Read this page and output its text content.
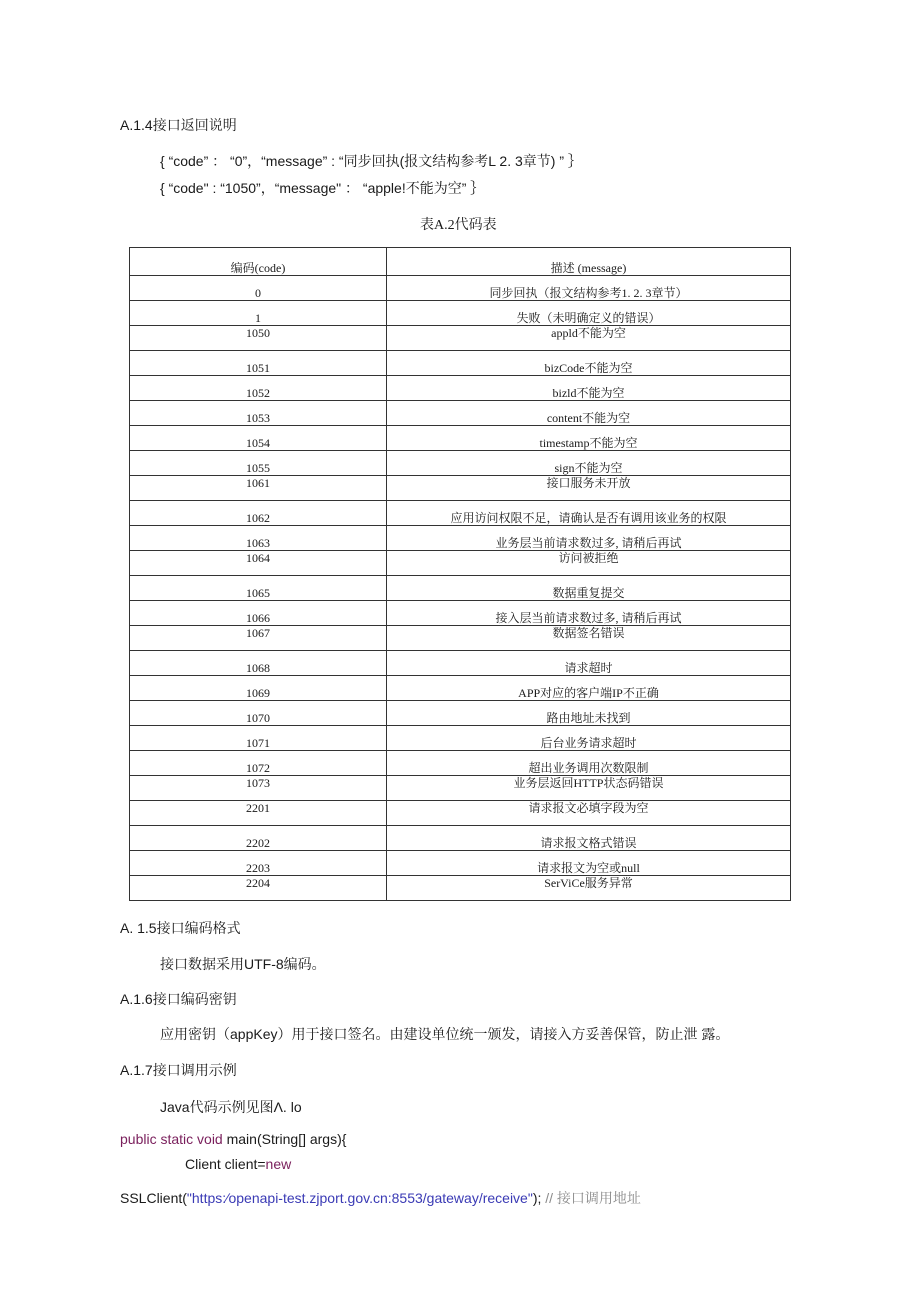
A.1.4接口返回说明
{ “code” ： “0”，“message” : “同步回执(报文结构参考L 2. 3章节) ” ｝
{ “code" : “1050”，“message" ： “apple!不能为空” ｝
表A.2代码表
编码(code)	描述 (message)
0	同步回执（报文结构参考1. 2. 3章节）
1	失败（未明确定义的错误）
1050	appld不能为空
1051	bizCode不能为空
1052	bizld不能为空
1053	content不能为空
1054	timestamp不能为空
1055	sign不能为空
1061	接口服务未开放
1062	应用访问权限不足，请确认是否有调用该业务的权限
1063	业务层当前请求数过多, 请稍后再试
1064	访问被拒绝
1065	数据重复提交
1066	接入层当前请求数过多, 请稍后再试
1067	数据签名错误
1068	请求超时
1069	APP对应的客户端IP不正确
1070	路由地址未找到
1071	后台业务请求超时
1072	超出业务调用次数限制
1073	业务层返回HTTP状态码错误
2201	请求报文必填字段为空
2202	请求报文格式错误
2203	请求报文为空或null
2204	SerViCe服务异常
A. 1.5接口编码格式
接口数据采用UTF-8编码。
A.1.6接口编码密钥
应用密钥（appKey）用于接口签名。由建设单位统一颁发，请接入方妥善保管，防止泄 露。
A.1.7接口调用示例
Java代码示例见图Λ. lo
public static void main(String[] args){
Client client=new
SSLClient("https:∕openapi-test.zjport.gov.cn:8553/gateway/receive"); // 接口调用地址
